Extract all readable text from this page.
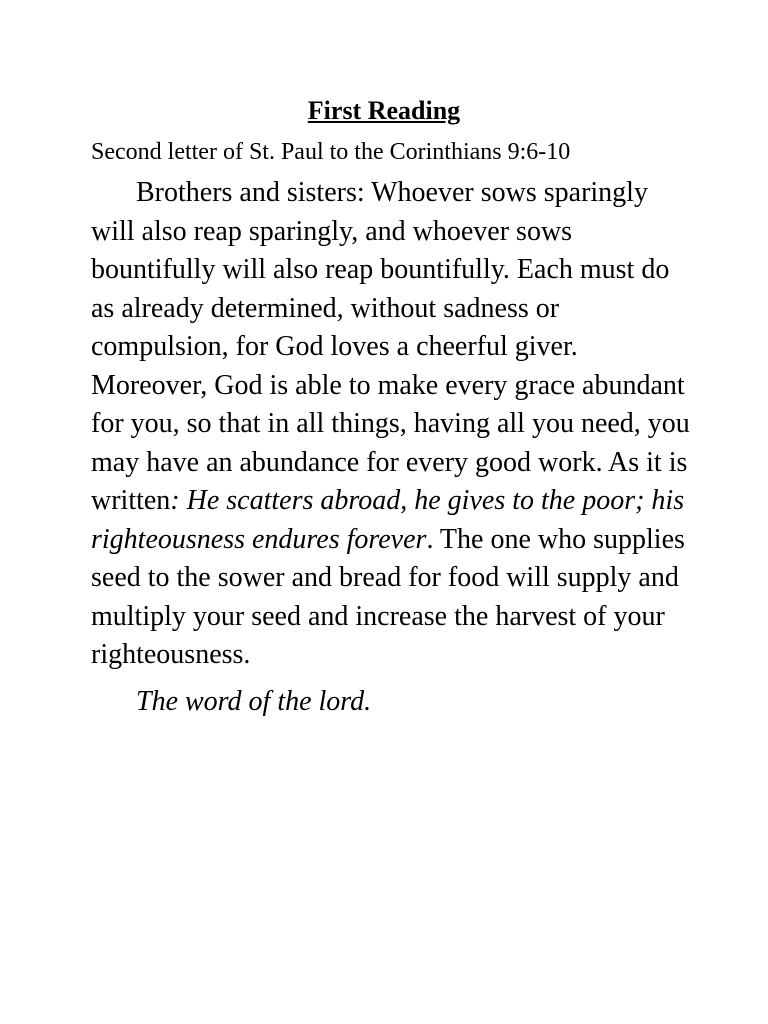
First Reading
Second letter of St. Paul to the Corinthians 9:6-10

Brothers and sisters: Whoever sows sparingly will also reap sparingly, and whoever sows bountifully will also reap bountifully. Each must do as already determined, without sadness or compulsion, for God loves a cheerful giver. Moreover, God is able to make every grace abundant for you, so that in all things, having all you need, you may have an abundance for every good work. As it is written: He scatters abroad, he gives to the poor; his righteousness endures forever. The one who supplies seed to the sower and bread for food will supply and multiply your seed and increase the harvest of your righteousness.

The word of the lord.
